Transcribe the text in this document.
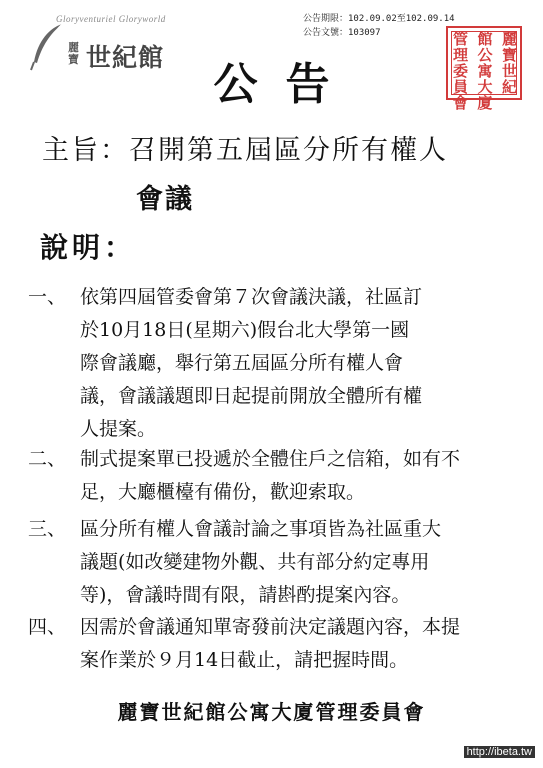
Gloryventuriel Gloryworld
麗寶 世紀館
公告期限：102.09.02至102.09.14
公告文號：103097	麗
寶
世
紀
館
公
寓
大
廈
管
理
委
員
會
公告
主旨：召開第五屆區分所有權人
會議
說明：
一、 依第四屆管委會第７次會議決議，社區訂
於10月18日(星期六)假台北大學第一國
際會議廳，舉行第五屆區分所有權人會
議，會議議題即日起提前開放全體所有權
人提案。
二、 制式提案單已投遞於全體住戶之信箱，如有不
足，大廳櫃檯有備份，歡迎索取。
三、 區分所有權人會議討論之事項皆為社區重大
議題(如改變建物外觀、共有部分約定專用
等)，會議時間有限，請斟酌提案內容。
四、 因需於會議通知單寄發前決定議題內容，本提
案作業於９月14日截止，請把握時間。
麗寶世紀館公寓大廈管理委員會
http://ibeta.tw
